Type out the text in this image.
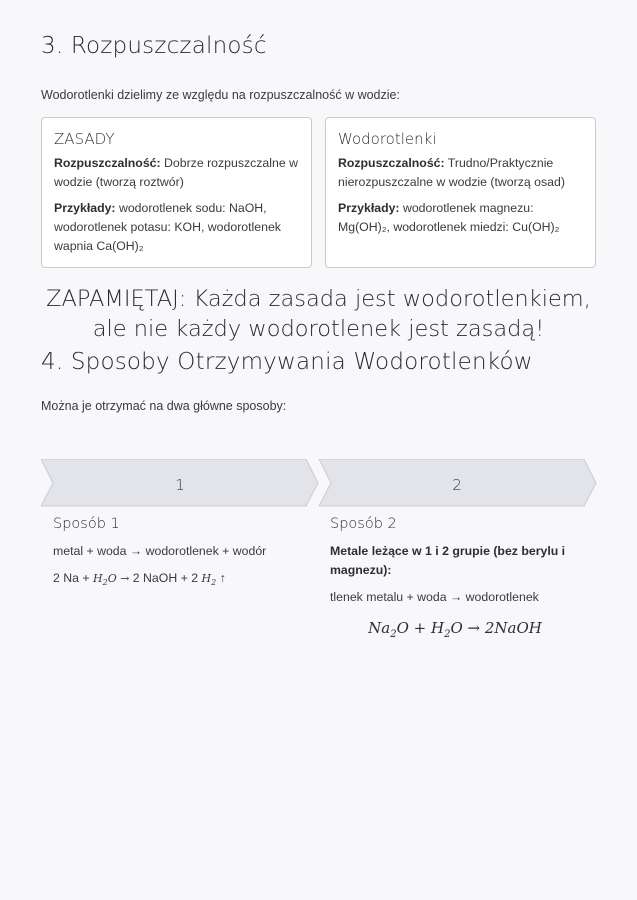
3. Rozpuszczalność

Wodorotlenki dzielimy ze względu na rozpuszczalność w wodzie:

ZASADY

Rozpuszczalność: Dobrze rozpuszczalne w wodzie (tworzą roztwór)

Przykłady: wodorotlenek sodu: NaOH, wodorotlenek potasu: KOH, wodorotlenek wapnia Ca(OH)₂

Wodorotlenki

Rozpuszczalność: Trudno/Praktycznie nierozpuszczalne w wodzie (tworzą osad)

Przykłady: wodorotlenek magnezu: Mg(OH)₂, wodorotlenek miedzi: Cu(OH)₂

ZAPAMIĘTAJ: Każda zasada jest wodorotlenkiem,
ale nie każdy wodorotlenek jest zasadą!
4. Sposoby Otrzymywania Wodorotlenków

Można je otrzymać na dwa główne sposoby:

1	2
Sposób 1

metal + woda → wodorotlenek + wodór

2 $Na + H_2O \to 2$ NaOH + 2 $H_2$ ↑

Sposób 2

Metale leżące w 1 i 2 grupie (bez berylu i magnezu):

tlenek metalu + woda → wodorotlenek

$Na_2O + H_2O$ → 2NaOH
